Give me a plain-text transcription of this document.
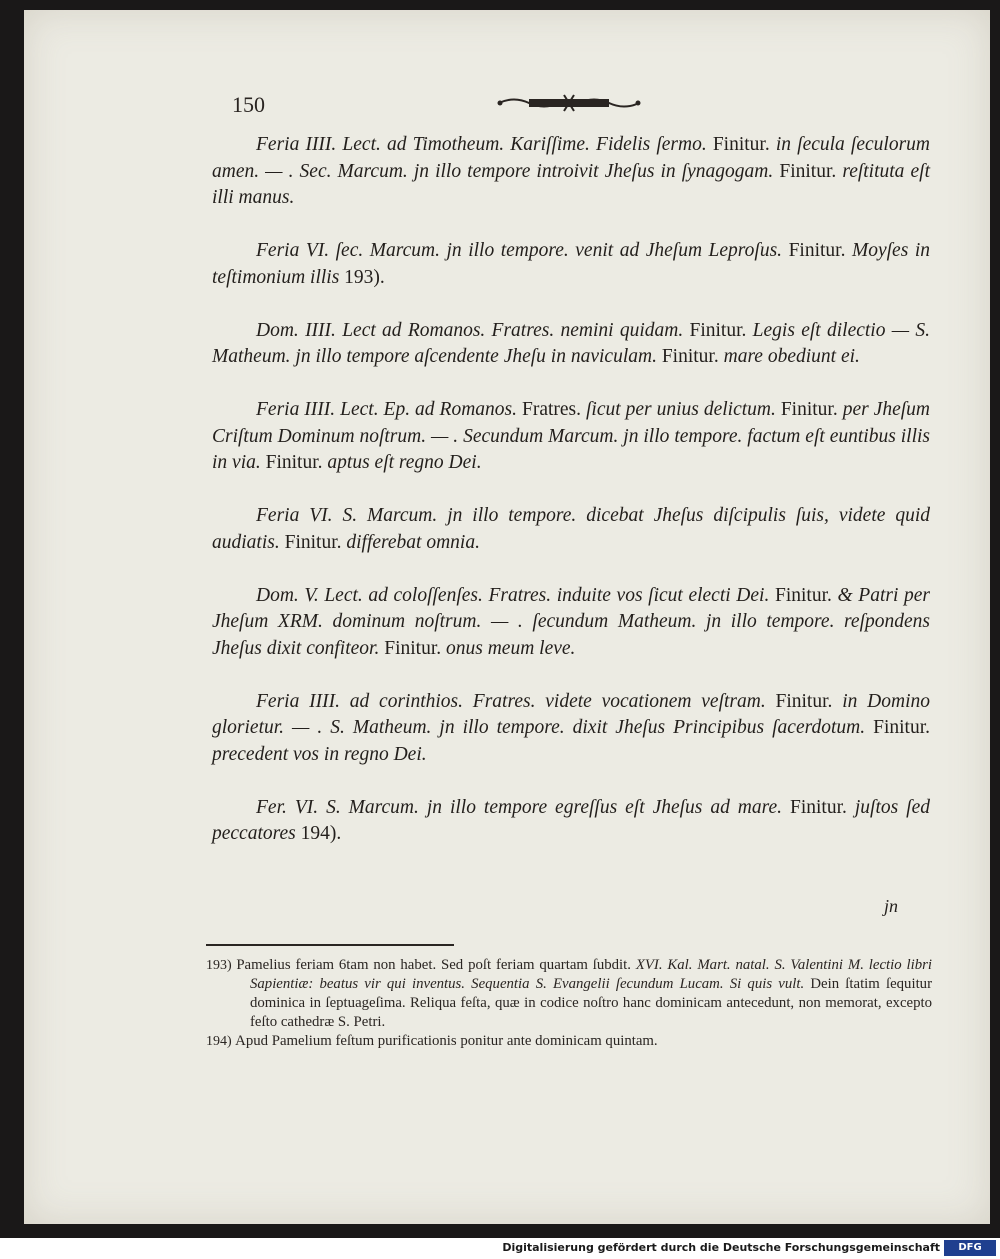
150

Feria IIII. Lect. ad Timotheum. Kariſſime. Fidelis ſermo. Finitur. in ſecula ſeculorum amen. — . Sec. Marcum. jn illo tempore introivit Jheſus in ſynagogam. Finitur. reſtituta eſt illi manus.

Feria VI. ſec. Marcum. jn illo tempore. venit ad Jheſum Leproſus. Finitur. Moyſes in teſtimonium illis 193).

Dom. IIII. Lect ad Romanos. Fratres. nemini quidam. Finitur. Legis eſt dilectio — S. Matheum. jn illo tempore aſcendente Jheſu in naviculam. Finitur. mare obediunt ei.

Feria IIII. Lect. Ep. ad Romanos. Fratres. ſicut per unius delictum. Finitur. per Jheſum Criſtum Dominum noſtrum. — . Secundum Marcum. jn illo tempore. factum eſt euntibus illis in via. Finitur. aptus eſt regno Dei.

Feria VI. S. Marcum. jn illo tempore. dicebat Jheſus diſcipulis ſuis, videte quid audiatis. Finitur. differebat omnia.

Dom. V. Lect. ad coloſſenſes. Fratres. induite vos ſicut electi Dei. Finitur. & Patri per Jheſum XRM. dominum noſtrum. — . ſecundum Matheum. jn illo tempore. reſpondens Jheſus dixit confiteor. Finitur. onus meum leve.

Feria IIII. ad corinthios. Fratres. videte vocationem veſtram. Finitur. in Domino glorietur. — . S. Matheum. jn illo tempore. dixit Jheſus Principibus ſacerdotum. Finitur. precedent vos in regno Dei.

Fer. VI. S. Marcum. jn illo tempore egreſſus eſt Jheſus ad mare. Finitur. juſtos ſed peccatores 194).

jn

193) Pamelius feriam 6tam non habet. Sed poſt feriam quartam ſubdit. XVI. Kal. Mart. natal. S. Valentini M. lectio libri Sapientiæ: beatus vir qui inventus. Sequentia S. Evangelii ſecundum Lucam. Si quis vult. Dein ſtatim ſequitur dominica in ſeptuageſima. Reliqua feſta, quæ in codice noſtro hanc dominicam antecedunt, non memorat, excepto feſto cathedræ S. Petri.

194) Apud Pamelium feſtum purificationis ponitur ante dominicam quintam.

Digitalisierung gefördert durch die Deutsche Forschungsgemeinschaft	DFG
